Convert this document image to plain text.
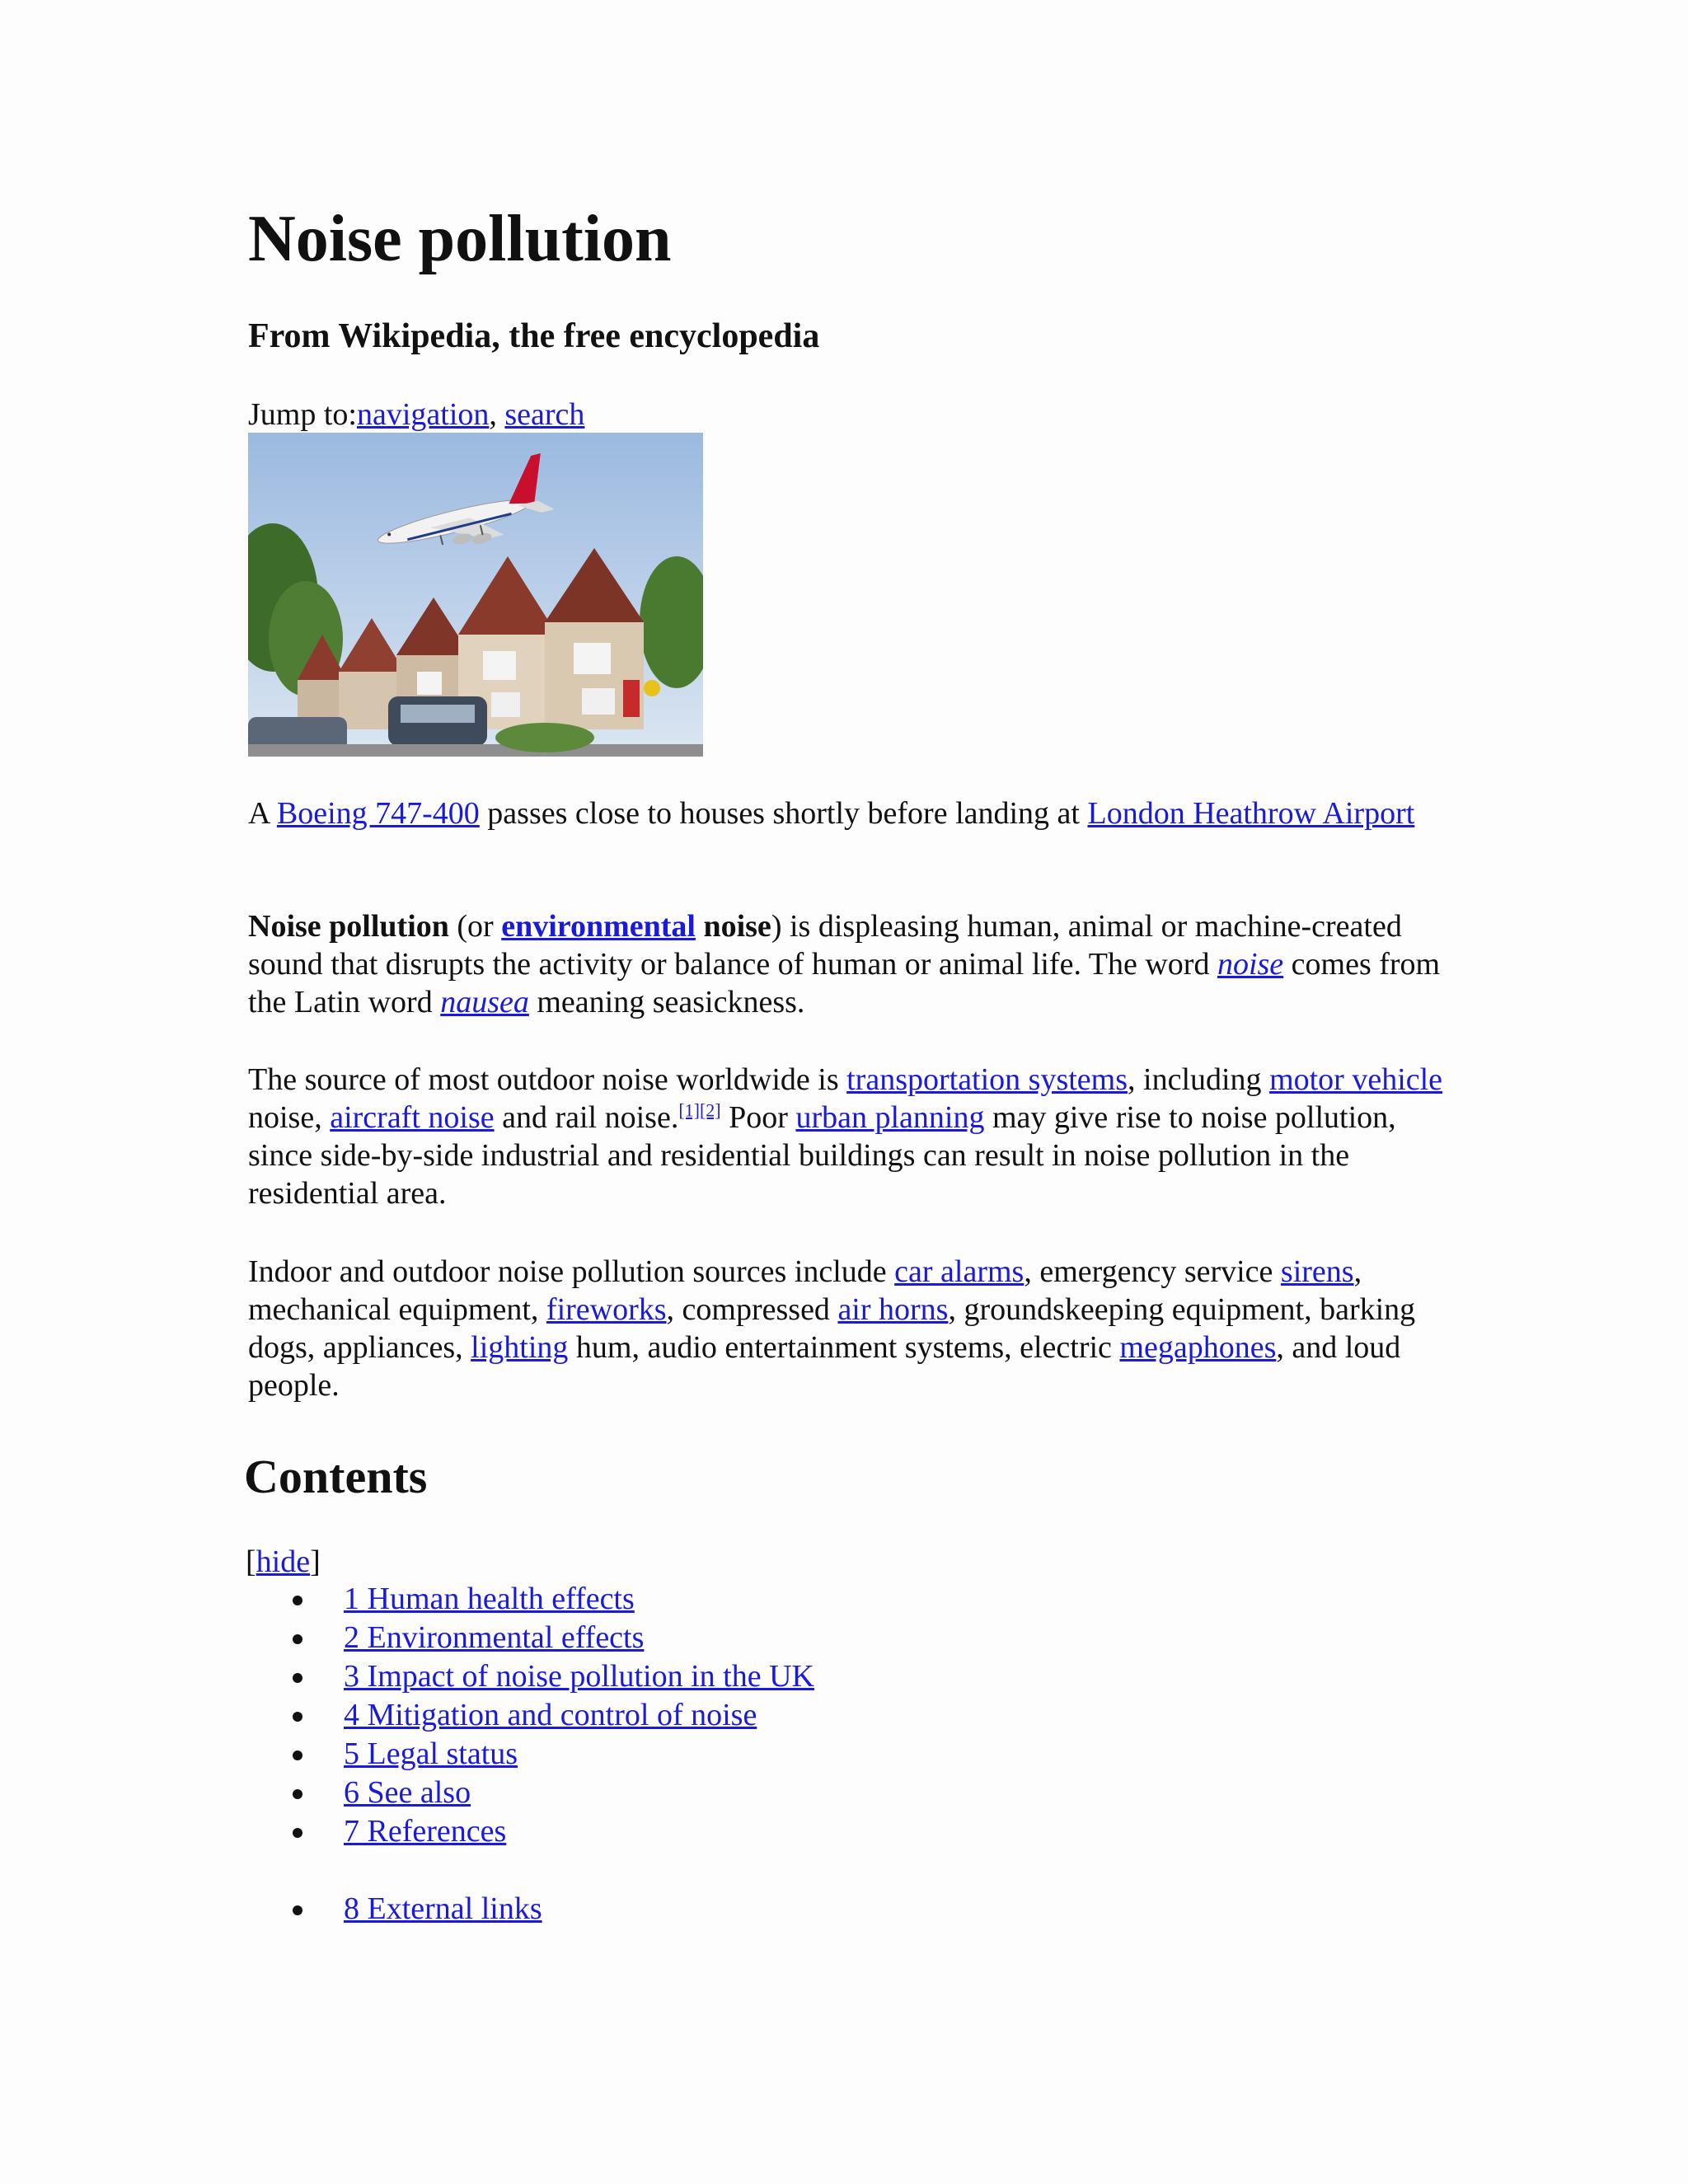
Noise pollution
From Wikipedia, the free encyclopedia
Jump to:navigation, search
A Boeing 747-400 passes close to houses shortly before landing at London Heathrow Airport
Noise pollution (or environmental noise) is displeasing human, animal or machine-created sound that disrupts the activity or balance of human or animal life. The word noise comes from the Latin word nausea meaning seasickness.
The source of most outdoor noise worldwide is transportation systems, including motor vehicle noise, aircraft noise and rail noise.[1][2] Poor urban planning may give rise to noise pollution, since side-by-side industrial and residential buildings can result in noise pollution in the residential area.
Indoor and outdoor noise pollution sources include car alarms, emergency service sirens, mechanical equipment, fireworks, compressed air horns, groundskeeping equipment, barking dogs, appliances, lighting hum, audio entertainment systems, electric megaphones, and loud people.
Contents
[hide]
1 Human health effects
2 Environmental effects
3 Impact of noise pollution in the UK
4 Mitigation and control of noise
5 Legal status
6 See also
7 References
8 External links
